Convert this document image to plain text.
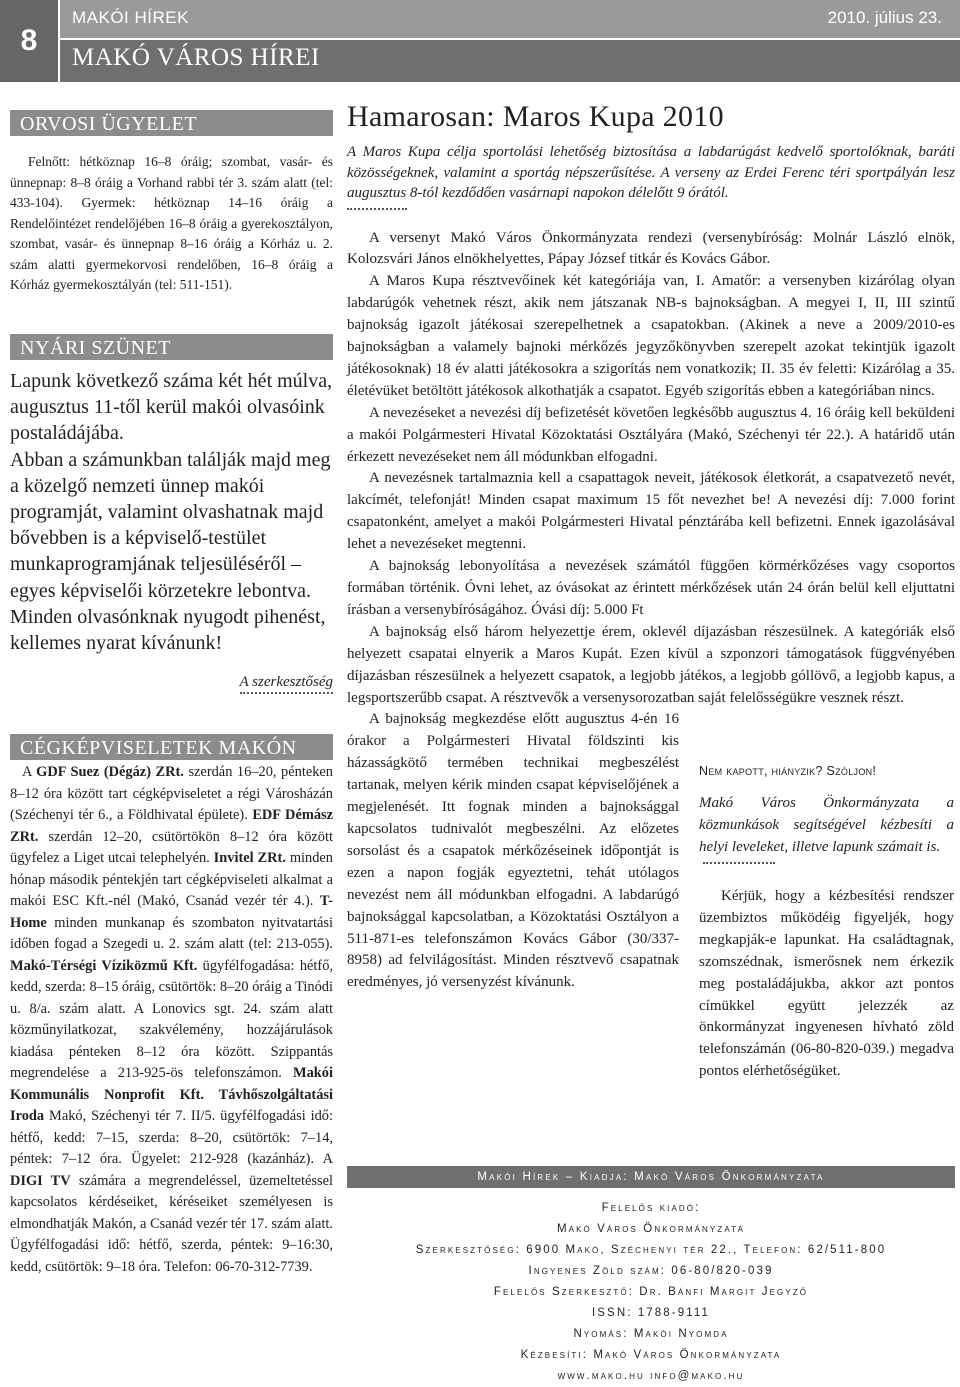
8
MAKÓI HÍREK	2010. július 23.
MAKÓ VÁROS HÍREI
ORVOSI ÜGYELET

Felnőtt: hétköznap 16–8 óráig; szombat, vasár- és ünnepnap: 8–8 óráig a Vorhand rabbi tér 3. szám alatt (tel: 433-104). Gyermek: hétköznap 14–16 óráig a Rendelőintézet rendelőjében 16–8 óráig a gyerekosztályon, szombat, vasár- és ünnepnap 8–16 óráig a Kórház u. 2. szám alatti gyermekorvosi rendelőben, 16–8 óráig a Kórház gyermekosztályán (tel: 511-151).

NYÁRI SZÜNET

Lapunk következő száma két hét múlva, augusztus 11-től kerül makói olvasóink postaládájába.

Abban a számunkban találják majd meg a közelgő nemzeti ünnep makói programját, valamint olvashatnak majd bővebben is a képviselő-testület munkaprogramjának teljesüléséről – egyes képviselői körzetekre lebontva.

Minden olvasónknak nyugodt pihenést, kellemes nyarat kívánunk!

A szerkesztőség
CÉGKÉPVISELETEK MAKÓN

A GDF Suez (Dégáz) ZRt. szerdán 16–20, pénteken 8–12 óra között tart cégképviseletet a régi Városházán (Széchenyi tér 6., a Földhivatal épülete). EDF Démász ZRt. szerdán 12–20, csütörtökön 8–12 óra között ügyfelez a Liget utcai telephelyén. Invitel ZRt. minden hónap második péntekjén tart cégképviseleti alkalmat a makói ESC Kft.-nél (Makó, Csanád vezér tér 4.). T-Home minden munkanap és szombaton nyitvatartási időben fogad a Szegedi u. 2. szám alatt (tel: 213-055). Makó-Térségi Víziközmű Kft. ügyfélfogadása: hétfő, kedd, szerda: 8–15 óráig, csütörtök: 8–20 óráig a Tinódi u. 8/a. szám alatt. A Lonovics sgt. 24. szám alatt közműnyilatkozat, szakvélemény, hozzájárulások kiadása pénteken 8–12 óra között. Szippantás megrendelése a 213-925-ös telefonszámon. Makói Kommunális Nonprofit Kft. Távhőszolgáltatási Iroda Makó, Széchenyi tér 7. II/5. ügyfélfogadási idő: hétfő, kedd: 7–15, szerda: 8–20, csütörtök: 7–14, péntek: 7–12 óra. Ügyelet: 212-928 (kazánház). A DIGI TV számára a megrendeléssel, üzemeltetéssel kapcsolatos kérdéseiket, kéréseiket személyesen is elmondhatják Makón, a Csanád vezér tér 17. szám alatt. Ügyfélfogadási idő: hétfő, szerda, péntek: 9–16:30, kedd, csütörtök: 9–18 óra. Telefon: 06-70-312-7739.

Hamarosan: Maros Kupa 2010

A Maros Kupa célja sportolási lehetőség biztosítása a labdarúgást kedvelő sportolóknak, baráti közösségeknek, valamint a sportág népszerűsítése. A verseny az Erdei Ferenc téri sportpályán lesz augusztus 8-tól kezdődően vasárnapi napokon délelőtt 9 órától.

A versenyt Makó Város Önkormányzata rendezi (versenybíróság: Molnár László elnök, Kolozsvári János elnökhelyettes, Pápay József titkár és Kovács Gábor.

A Maros Kupa résztvevőinek két kategóriája van, I. Amatőr: a versenyben kizárólag olyan labdarúgók vehetnek részt, akik nem játszanak NB-s bajnokságban. A megyei I, II, III szintű bajnokság igazolt játékosai szerepelhetnek a csapatokban. (Akinek a neve a 2009/2010-es bajnokságban a valamely bajnoki mérkőzés jegyzőkönyvben szerepelt azokat tekintjük igazolt játékosoknak) 18 év alatti játékosokra a szigorítás nem vonatkozik; II. 35 év feletti: Kizárólag a 35. életévüket betöltött játékosok alkothatják a csapatot. Egyéb szigorítás ebben a kategóriában nincs.

A nevezéseket a nevezési díj befizetését követően legkésőbb augusztus 4. 16 óráig kell beküldeni a makói Polgármesteri Hivatal Közoktatási Osztályára (Makó, Széchenyi tér 22.). A határidő után érkezett nevezéseket nem áll módunkban elfogadni.

A nevezésnek tartalmaznia kell a csapattagok neveit, játékosok életkorát, a csapatvezető nevét, lakcímét, telefonját! Minden csapat maximum 15 főt nevezhet be! A nevezési díj: 7.000 forint csapatonként, amelyet a makói Polgármesteri Hivatal pénztárába kell befizetni. Ennek igazolásával lehet a nevezéseket megtenni.

A bajnokság lebonyolítása a nevezések számától függően körmérkőzéses vagy csoportos formában történik. Óvni lehet, az óvásokat az érintett mérkőzések után 24 órán belül kell eljuttatni írásban a versenybíróságához. Óvási díj: 5.000 Ft

A bajnokság első három helyezettje érem, oklevél díjazásban részesülnek. A kategóriák első helyezett csapatai elnyerik a Maros Kupát. Ezen kívül a szponzori támogatások függvényében díjazásban részesülnek a helyezett csapatok, a legjobb játékos, a legjobb góllövő, a legjobb kapus, a legsportszerűbb csapat. A résztvevők a versenysorozatban saját felelősségükre vesznek részt.

A bajnokság megkezdése előtt augusztus 4-én 16 órakor a Polgármesteri Hivatal földszinti kis házasságkötő termében technikai megbeszélést tartanak, melyen kérik minden csapat képviselőjének a megjelenését. Itt fognak minden a bajnoksággal kapcsolatos tudnivalót megbeszélni. Az előzetes sorsolást és a csapatok mérkőzéseinek időpontját is ezen a napon fogják egyeztetni, tehát utólagos nevezést nem áll módunkban elfogadni. A labdarúgó bajnoksággal kapcsolatban, a Közoktatási Osztályon a 511-871-es telefonszámon Kovács Gábor (30/337-8958) ad felvilágosítást. Minden résztvevő csapatnak eredményes, jó versenyzést kívánunk.

Nem kapott, hiányzik? Szóljon!

Makó Város Önkormányzata a közmunkások segítségével kézbesíti a helyi leveleket, illetve lapunk számait is.

Kérjük, hogy a kézbesítési rendszer üzembiztos működéig figyeljék, hogy megkapják-e lapunkat. Ha családtagnak, szomszédnak, ismerősnek nem érkezik meg postaládájukba, akkor azt pontos címükkel együtt jelezzék az önkormányzat ingyenesen hívható zöld telefonszámán (06-80-820-039.) megadva pontos elérhetőségüket.

Makói Hírek – Kiadja: Makó Város Önkormányzata
Felelős kiadó:
Makó Város Önkormányzata
Szerkesztőség: 6900 Makó, Széchenyi tér 22., Telefon: 62/511-800
Ingyenes Zöld szám: 06-80/820-039
Felelős Szerkesztő: Dr. Bánfi Margit Jegyző
ISSN: 1788-9111
Nyomás: Makói Nyomda
Kézbesíti: Makó Város Önkormányzata
www.mako.hu info@mako.hu
